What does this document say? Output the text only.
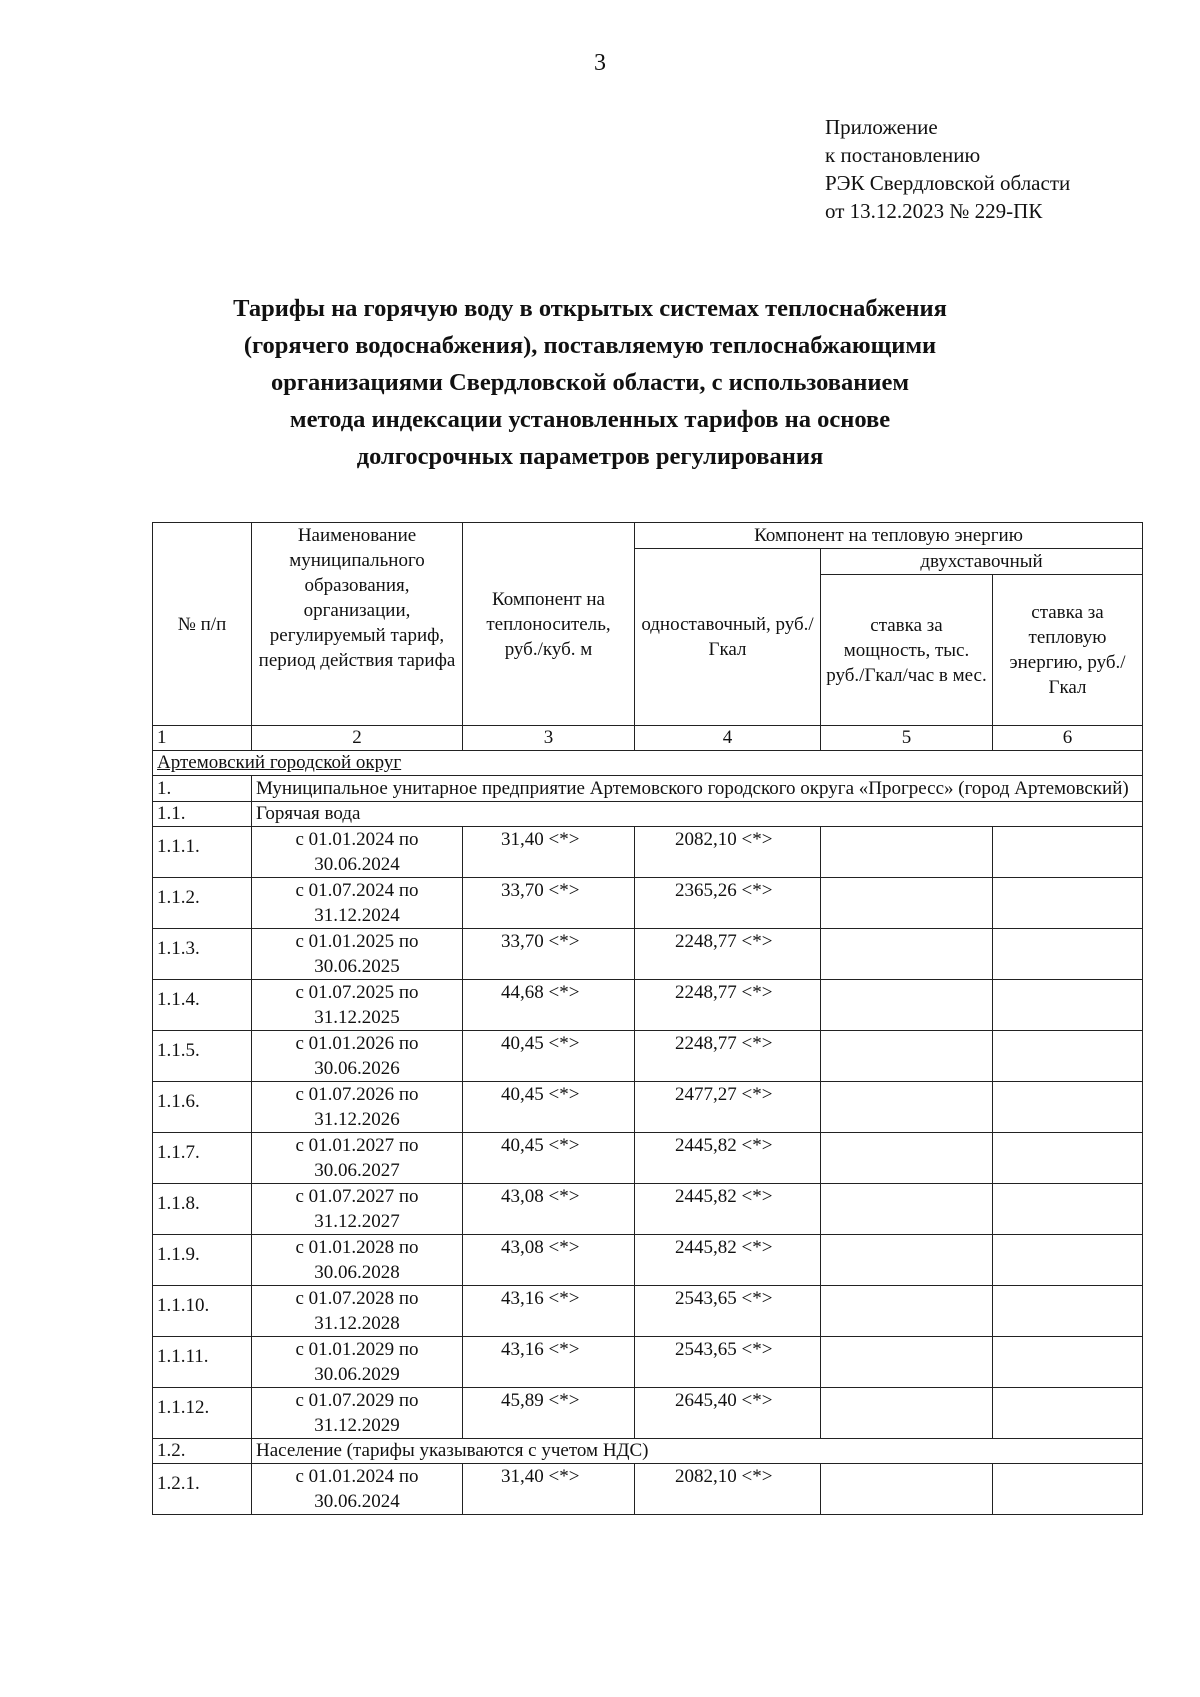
3
Приложение
к постановлению
РЭК Свердловской области
от 13.12.2023 № 229-ПК
Тарифы на горячую воду в открытых системах теплоснабжения
(горячего водоснабжения), поставляемую теплоснабжающими
организациями Свердловской области, с использованием
метода индексации установленных тарифов на основе
долгосрочных параметров регулирования
№ п/п	Наименование муниципального образования, организации, регулируемый тариф, период действия тарифа	Компонент на теплоноситель, руб./куб. м	Компонент на тепловую энергию		
			одноставочный, руб./Гкал	двухставочный	
				ставка за мощность, тыс. руб./Гкал/час в мес.	ставка за тепловую энергию, руб./Гкал
1	2	3	4	5	6
Артемовский городской округ					
1.	Муниципальное унитарное предприятие Артемовского городского округа «Прогресс» (город Артемовский)				
1.1.	Горячая вода				
1.1.1.	с 01.01.2024 по 30.06.2024	31,40 <*>	2082,10 <*>		
1.1.2.	с 01.07.2024 по 31.12.2024	33,70 <*>	2365,26 <*>		
1.1.3.	с 01.01.2025 по 30.06.2025	33,70 <*>	2248,77 <*>		
1.1.4.	с 01.07.2025 по 31.12.2025	44,68 <*>	2248,77 <*>		
1.1.5.	с 01.01.2026 по 30.06.2026	40,45 <*>	2248,77 <*>		
1.1.6.	с 01.07.2026 по 31.12.2026	40,45 <*>	2477,27 <*>		
1.1.7.	с 01.01.2027 по 30.06.2027	40,45 <*>	2445,82 <*>		
1.1.8.	с 01.07.2027 по 31.12.2027	43,08 <*>	2445,82 <*>		
1.1.9.	с 01.01.2028 по 30.06.2028	43,08 <*>	2445,82 <*>		
1.1.10.	с 01.07.2028 по 31.12.2028	43,16 <*>	2543,65 <*>		
1.1.11.	с 01.01.2029 по 30.06.2029	43,16 <*>	2543,65 <*>		
1.1.12.	с 01.07.2029 по 31.12.2029	45,89 <*>	2645,40 <*>		
1.2.	Население (тарифы указываются с учетом НДС)				
1.2.1.	с 01.01.2024 по 30.06.2024	31,40 <*>	2082,10 <*>		
